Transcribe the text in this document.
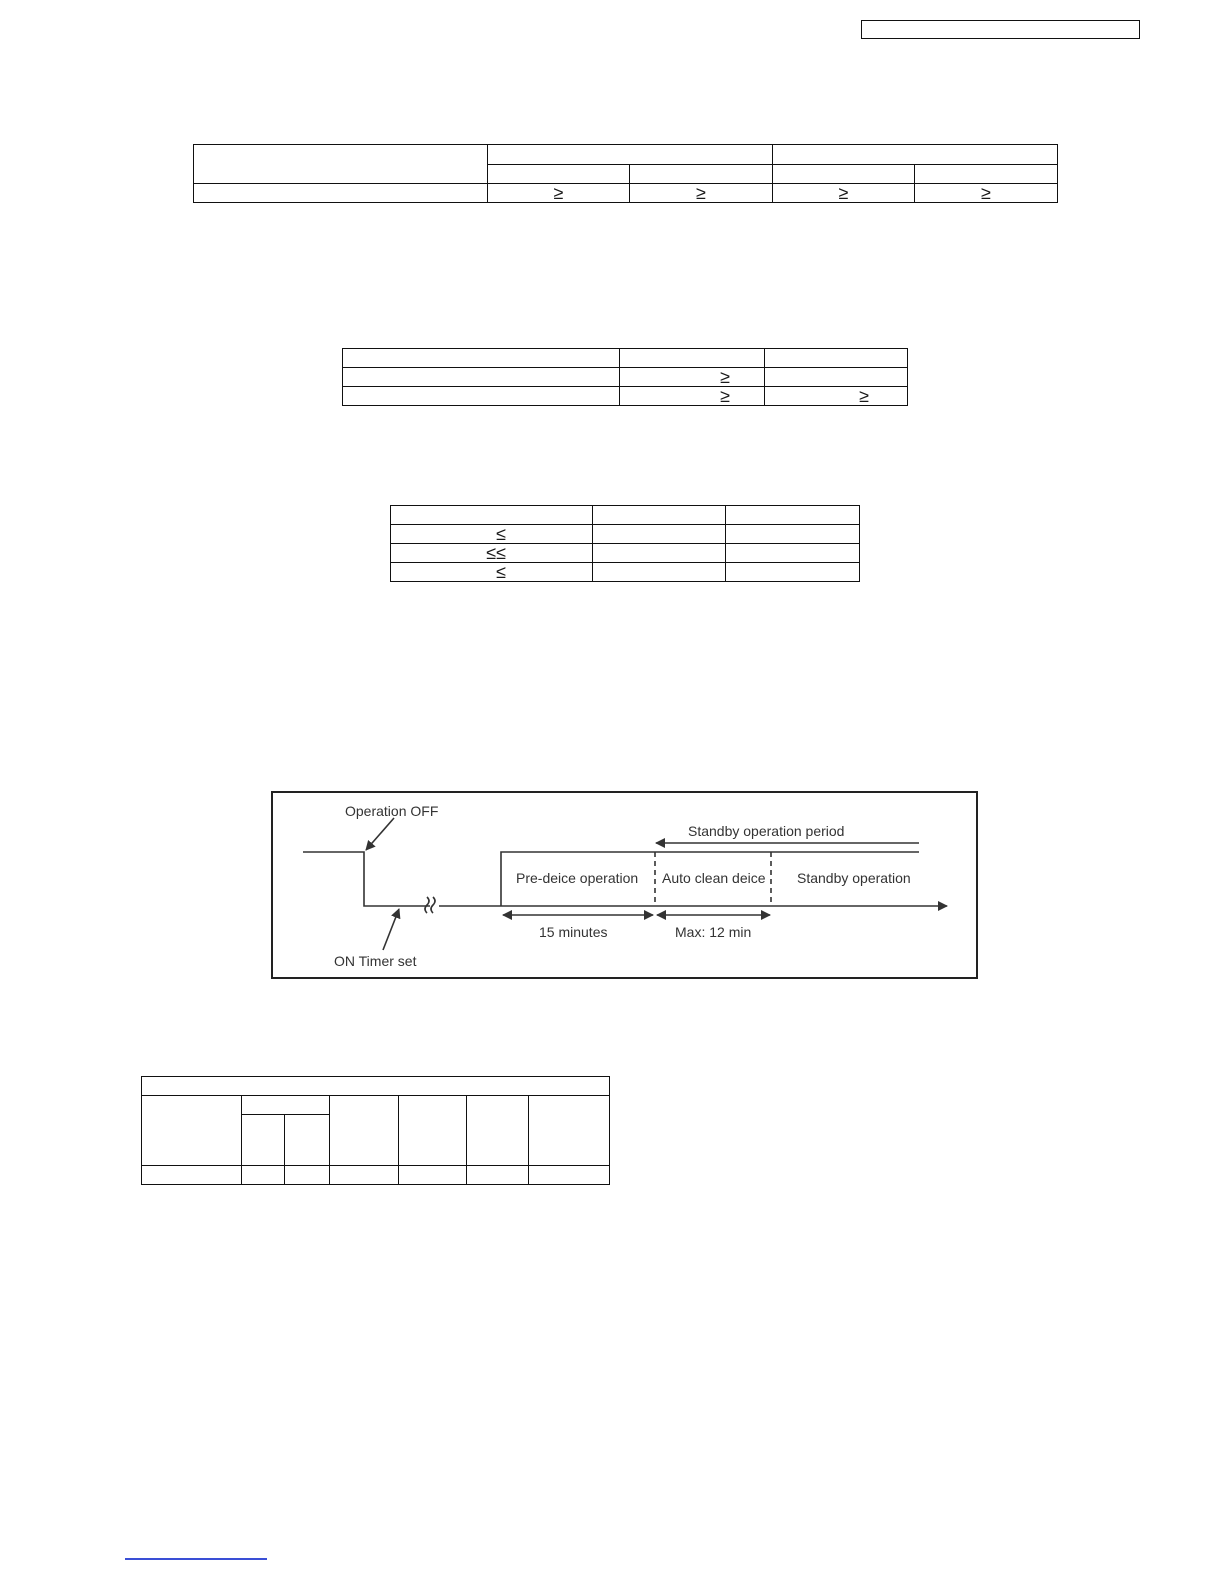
	≥	≥	≥	≥

	≥	
	≥	≥

≤		
≤≤		
≤		
Operation OFF
ON Timer set
Standby operation period
Pre-deice operation Auto clean deice Standby operation
15 minutes	Max: 12 min
